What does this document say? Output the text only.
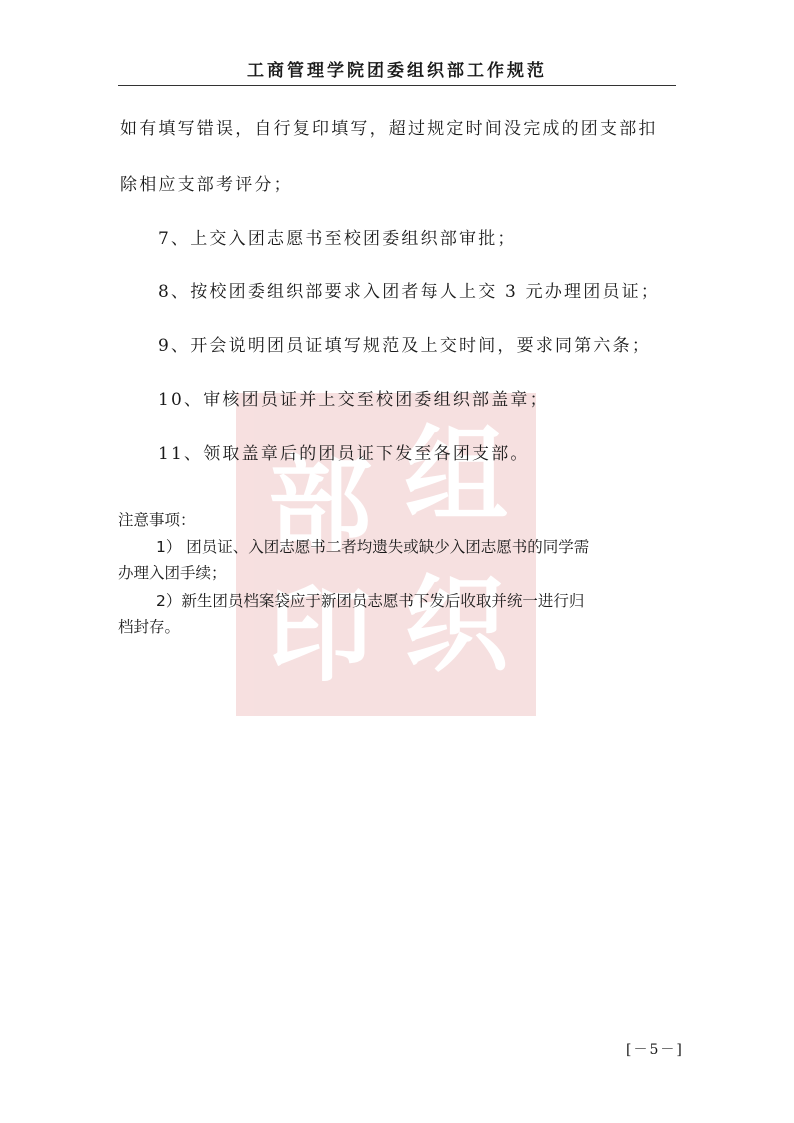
工商管理学院团委组织部工作规范
组
部
织
印
如有填写错误，自行复印填写，超过规定时间没完成的团支部扣
除相应支部考评分；
7、上交入团志愿书至校团委组织部审批；
8、按校团委组织部要求入团者每人上交 3 元办理团员证；
9、开会说明团员证填写规范及上交时间，要求同第六条；
10、审核团员证并上交至校团委组织部盖章；
11、领取盖章后的团员证下发至各团支部。
注意事项：
1） 团员证、入团志愿书二者均遗失或缺少入团志愿书的同学需
办理入团手续；
2）新生团员档案袋应于新团员志愿书下发后收取并统一进行归
档封存。
[－5－]
